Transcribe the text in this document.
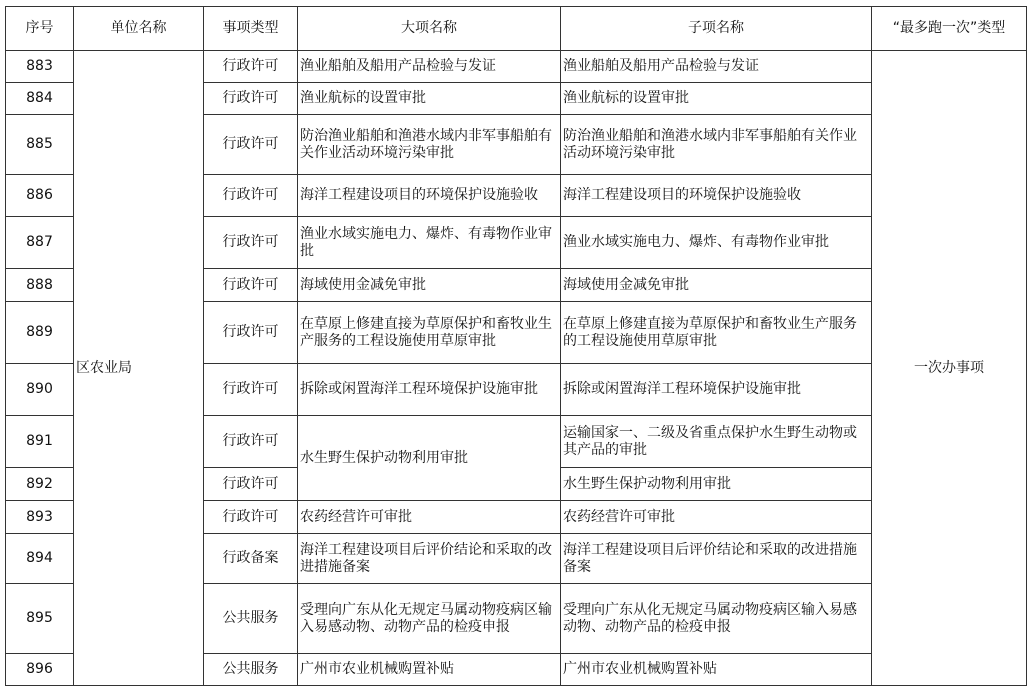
序号	单位名称	事项类型	大项名称	子项名称	“最多跑一次”类型
883	区农业局	行政许可	渔业船舶及船用产品检验与发证	渔业船舶及船用产品检验与发证	一次办事项
884		行政许可	渔业航标的设置审批	渔业航标的设置审批	
885		行政许可	防治渔业船舶和渔港水域内非军事船舶有关作业活动环境污染审批	防治渔业船舶和渔港水域内非军事船舶有关作业活动环境污染审批	
886		行政许可	海洋工程建设项目的环境保护设施验收	海洋工程建设项目的环境保护设施验收	
887		行政许可	渔业水域实施电力、爆炸、有毒物作业审批	渔业水域实施电力、爆炸、有毒物作业审批	
888		行政许可	海域使用金减免审批	海域使用金减免审批	
889		行政许可	在草原上修建直接为草原保护和畜牧业生产服务的工程设施使用草原审批	在草原上修建直接为草原保护和畜牧业生产服务的工程设施使用草原审批	
890		行政许可	拆除或闲置海洋工程环境保护设施审批	拆除或闲置海洋工程环境保护设施审批	
891		行政许可	水生野生保护动物利用审批	运输国家一、二级及省重点保护水生野生动物或其产品的审批	
892		行政许可		水生野生保护动物利用审批	
893		行政许可	农药经营许可审批	农药经营许可审批	
894		行政备案	海洋工程建设项目后评价结论和采取的改进措施备案	海洋工程建设项目后评价结论和采取的改进措施备案	
895		公共服务	受理向广东从化无规定马属动物疫病区输入易感动物、动物产品的检疫申报	受理向广东从化无规定马属动物疫病区输入易感动物、动物产品的检疫申报	
896		公共服务	广州市农业机械购置补贴	广州市农业机械购置补贴	
